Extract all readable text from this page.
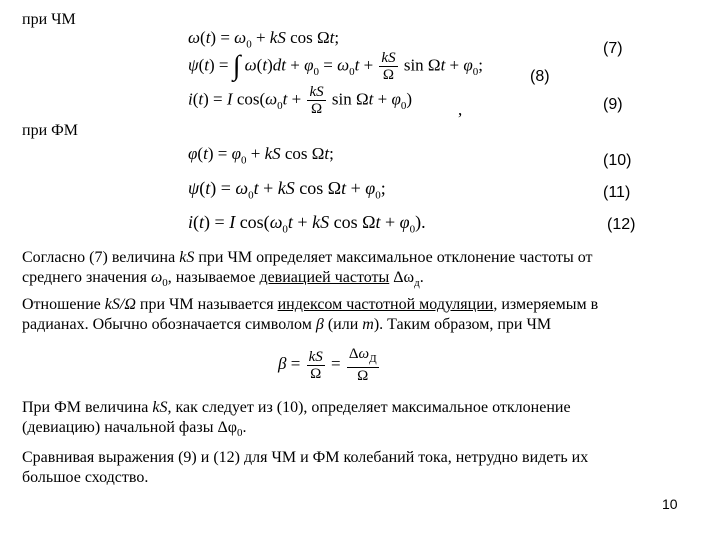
при ЧМ
при ФМ
$\omega(t) = \omega_0$ + kS cos Ωt;
(7)
ψ(t) = ∫ $\omega(t)dt + \varphi_0 = \omega_0t + \frac{kS}{\Omega}$ $\sin \Omega t + \varphi_0$;
(8)
i(t) = I $\cos(\omega_0t + \frac{kS}{\Omega}$ $\sin \Omega t + \varphi_0$)
,	(9)
$\varphi(t) = \varphi_0$ + kS cos Ωt;	(10)
$\psi(t) = \omega_0t$ + kS $\cos \Omega t + \varphi_0$;	(11)
i(t) = I $\cos(\omega_0t$ + kS $\cos \Omega t + \varphi_0$).	(12)
Согласно (7) величина kS при ЧМ определяет максимальное отклонение частоты от
среднего значения $\omega_0$, называемое девиацией частоты $\Delta\omega_д$.
Отношение kS/Ω при ЧМ называется индексом частотной модуляции, измеряемым в
радианах. Обычно обозначается символом β (или m). Таким образом, при ЧМ
$\beta = \frac{kS}{\Omega} = \frac{\Delta\omega_Д}{\Omega}$
При ФМ величина kS, как следует из (10), определяет максимальное отклонение
(девиацию) начальной фазы $\Delta\varphi_0$.
Сравнивая выражения (9) и (12) для ЧМ и ФМ колебаний тока, нетрудно видеть их
большое сходство.
10
